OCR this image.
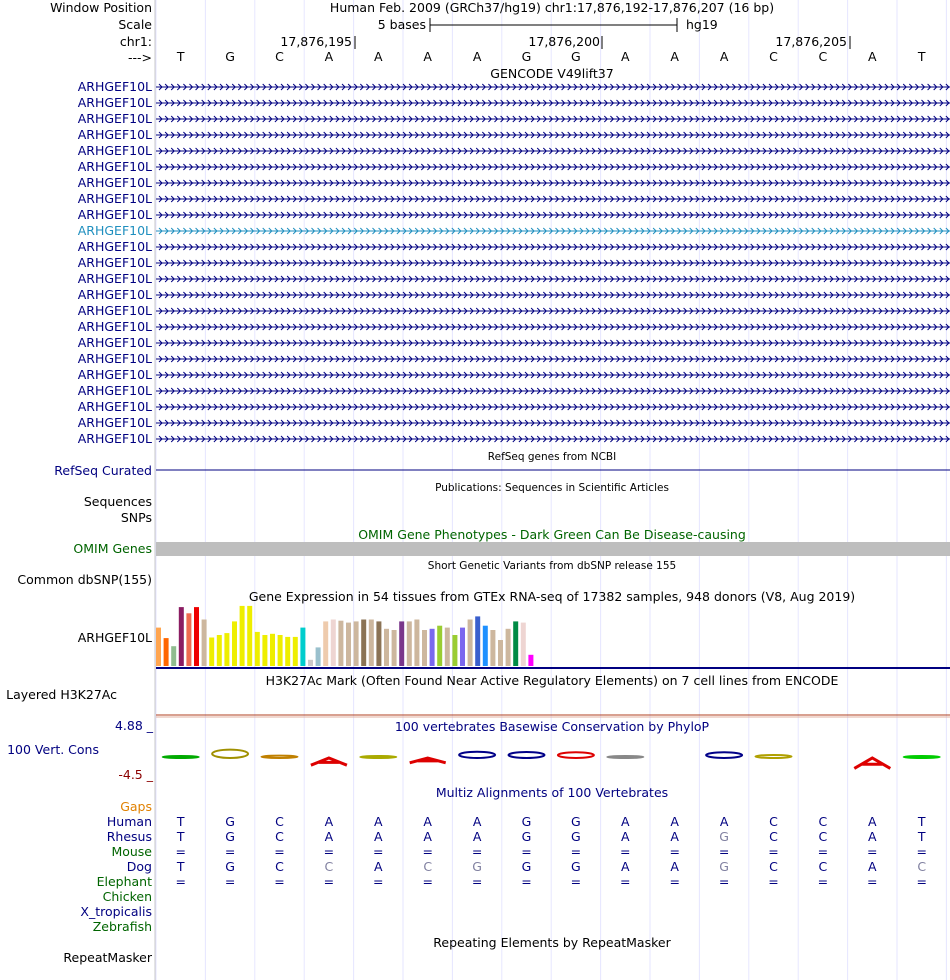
Window Position	Human Feb. 2009 (GRCh37/hg19) chr1:17,876,192-17,876,207 (16 bp)
Scale	5 bases	hg19
chr1:	17,876,195	17,876,200	17,876,205
---> T	G	C	A	A	A	A	G	G	A	A	A	C	C	A	T
GENCODE V49lift37
ARHGEF10L
ARHGEF10L
ARHGEF10L
ARHGEF10L
ARHGEF10L
ARHGEF10L
ARHGEF10L
ARHGEF10L
ARHGEF10L
ARHGEF10L
ARHGEF10L
ARHGEF10L
ARHGEF10L
ARHGEF10L
ARHGEF10L
ARHGEF10L
ARHGEF10L
ARHGEF10L
ARHGEF10L
ARHGEF10L
ARHGEF10L
ARHGEF10L
ARHGEF10L
RefSeq genes from NCBI
RefSeq Curated
Publications: Sequences in Scientific Articles
Sequences
SNPs
OMIM Gene Phenotypes - Dark Green Can Be Disease-causing
OMIM Genes
Short Genetic Variants from dbSNP release 155
Common dbSNP(155)
Gene Expression in 54 tissues from GTEx RNA-seq of 17382 samples, 948 donors (V8, Aug 2019)
ARHGEF10L
H3K27Ac Mark (Often Found Near Active Regulatory Elements) on 7 cell lines from ENCODE
Layered H3K27Ac
100 vertebrates Basewise Conservation by PhyloP
4.88 _
100 Vert. Cons
-4.5 _
Multiz Alignments of 100 Vertebrates
Gaps
Human T	G	C	A	A	A	A	G	G	A	A	A	C	C	A	T
Rhesus T	G	C	A	A	A	A	G	G	A	A	G	C	C	A	T
Mouse =	=	=	=	=	=	=	=	=	=	=	=	=	=	=	=
Dog T	G	C	C	A	C	G	G	G	A	A	G	C	C	A	C
Elephant =	=	=	=	=	=	=	=	=	=	=	=	=	=	=	=
Chicken
X_tropicalis
Zebrafish
Repeating Elements by RepeatMasker
RepeatMasker
